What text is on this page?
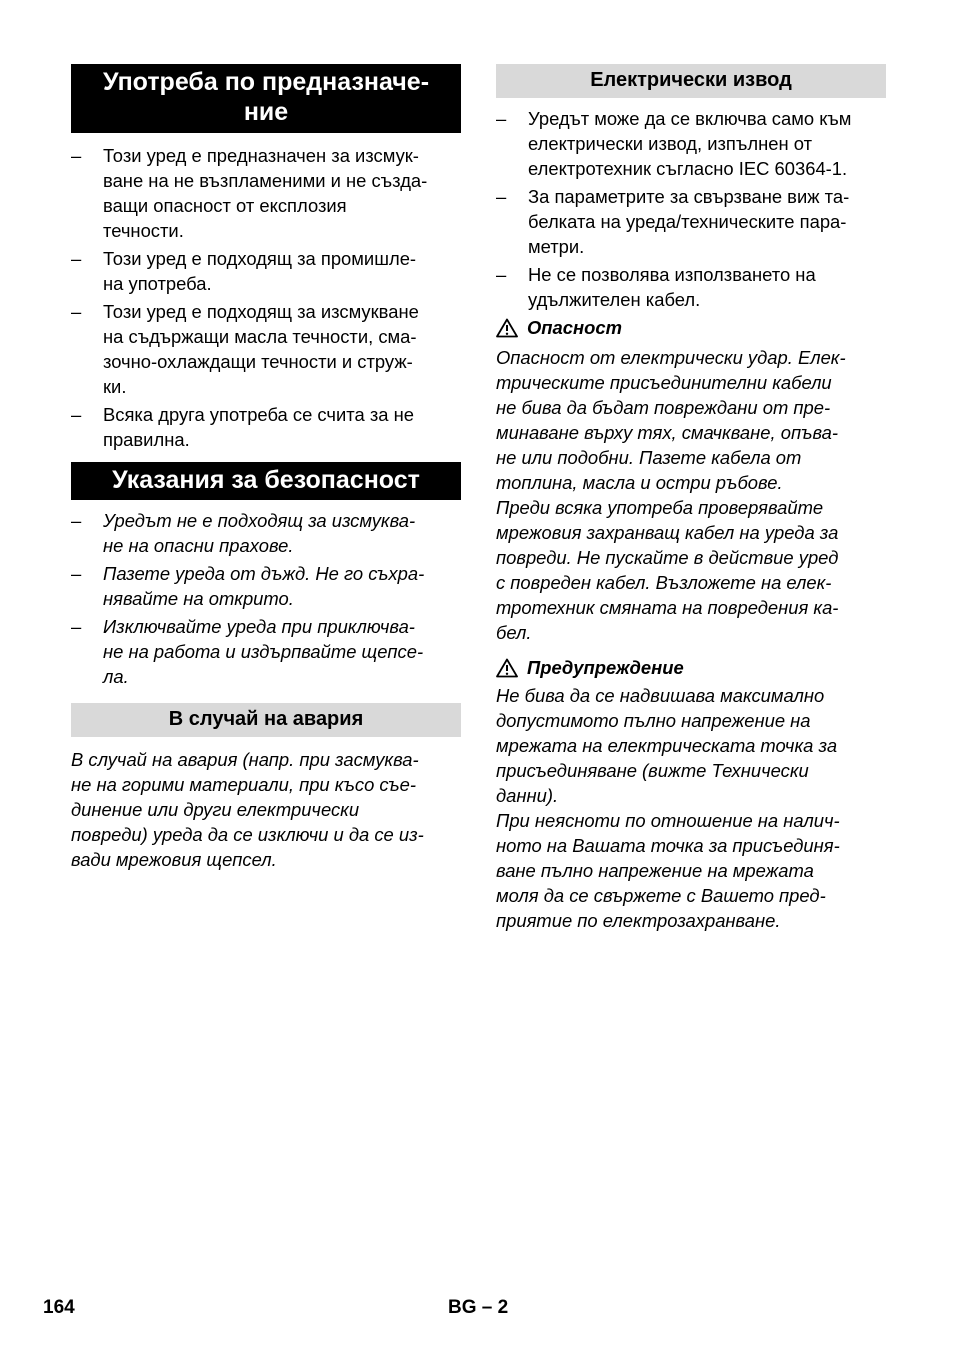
Употреба по предназначе-
ние
– Този уред е предназначен за изсмук-
ване на не възпламеними и не създа-
ващи опасност от експлозия
течности.
– Този уред е подходящ за промишле-
на употреба.
– Този уред е подходящ за изсмукване
на съдържащи масла течности, сма-
зочно-охлаждащи течности и струж-
ки.
– Всяка друга употреба се счита за не
правилна.
Указания за безопасност
– Уредът не е подходящ за изсмуква-
не на опасни прахове.
– Пазете уреда от дъжд. Не го съхра-
нявайте на открито.
– Изключвайте уреда при приключва-
не на работа и издърпвайте щепсе-
ла.
В случай на авария

В случай на авария (напр. при засмуква-
не на горими материали, при късо съе-
динение или други електрически
повреди) уреда да се изключи и да се из-
вади мрежовия щепсел.

Електрически извод
– Уредът може да се включва само към
електрически извод, изпълнен от
електротехник съгласно IEC 60364-1.
– За параметрите за свързване виж та-
белката на уреда/техническите пара-
метри.
– Не се позволява използването на
удължителен кабел.
Опасност

Опасност от електрически удар. Елек-
трическите присъединителни кабели
не бива да бъдат повреждани от пре-
минаване върху тях, смачкване, опъва-
не или подобни. Пазете кабела от
топлина, масла и остри ръбове.
Преди всяка употреба проверявайте
мрежовия захранващ кабел на уреда за
повреди. Не пускайте в действие уред
с повреден кабел. Възложете на елек-
тротехник смяната на повредения ка-
бел.

Предупреждение

Не бива да се надвишава максимално
допустимото пълно напрежение на
мрежата на електрическата точка за
присъединяване (вижте Технически
данни).
При неясноти по отношение на налич-
ното на Вашата точка за присъединя-
ване пълно напрежение на мрежата
моля да се свържете с Вашето пред-
приятие по електрозахранване.

164	BG – 2
